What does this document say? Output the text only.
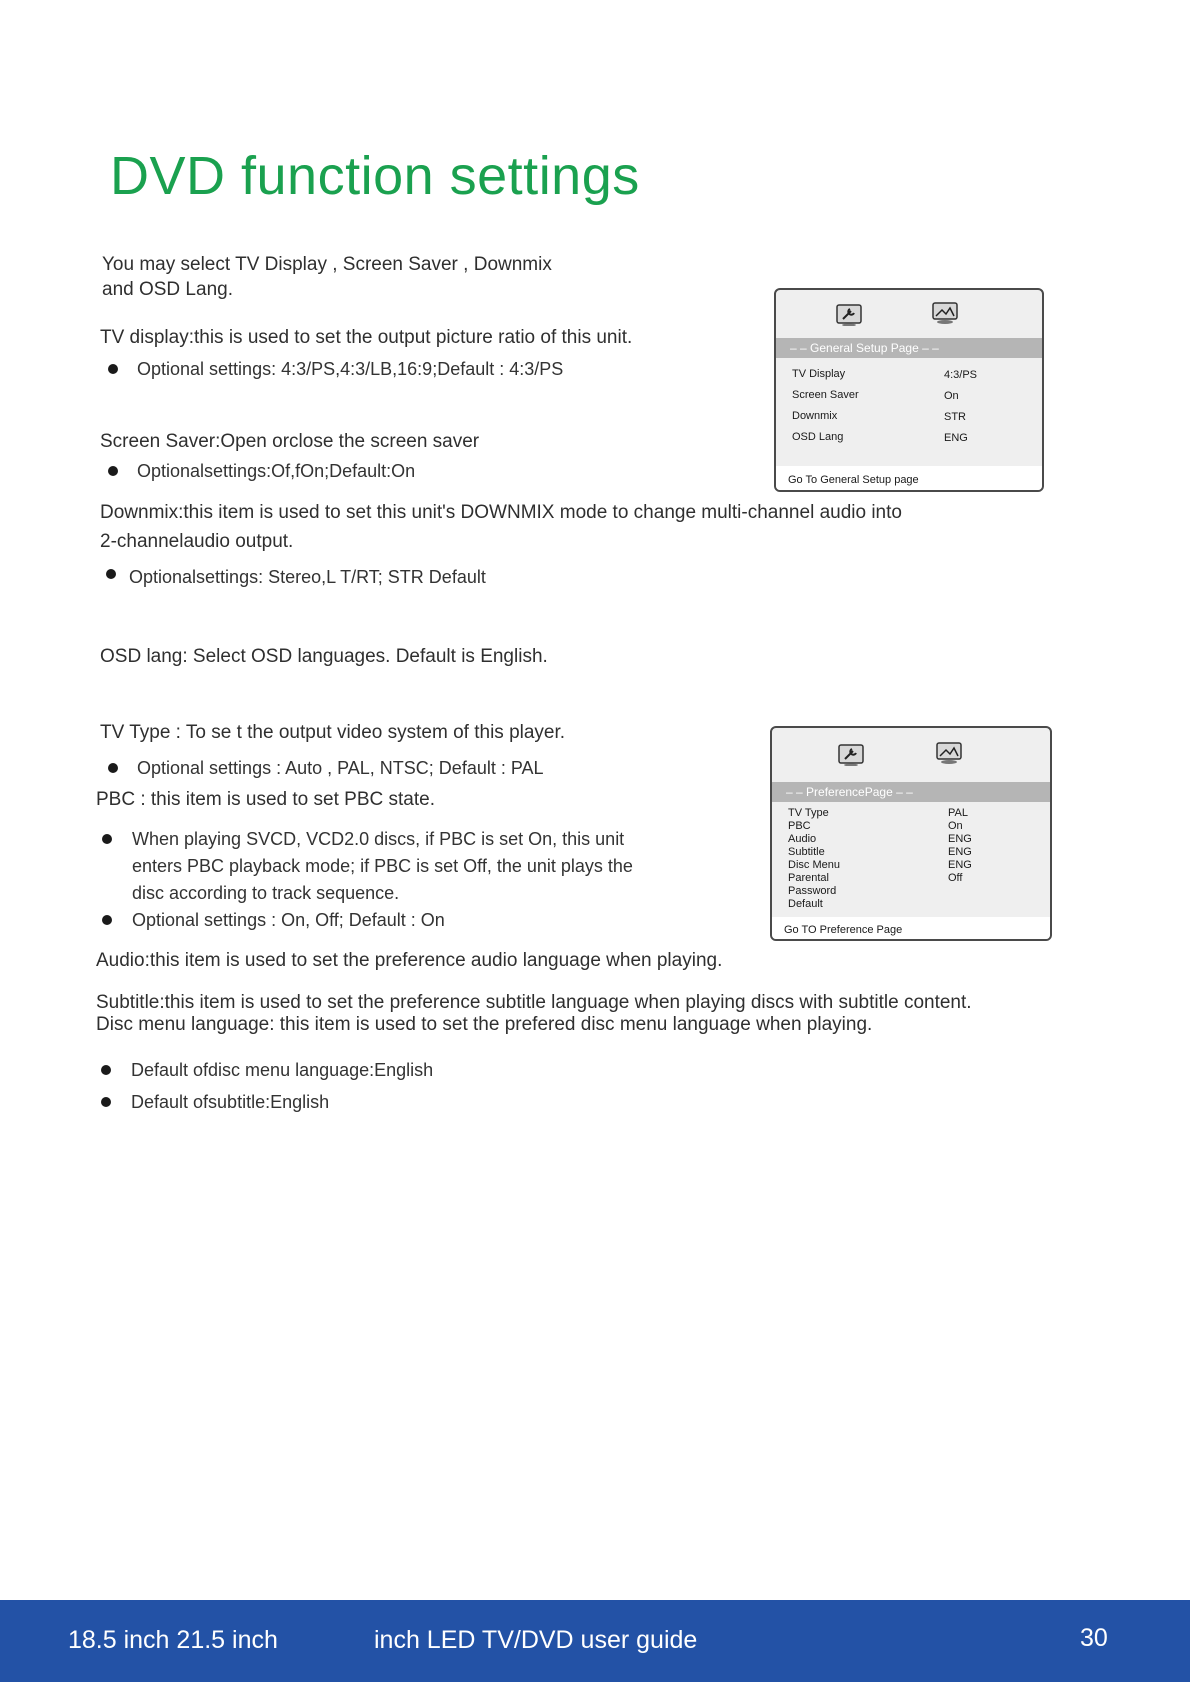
DVD function settings
You may select TV Display , Screen Saver , Downmix
and OSD Lang.
TV display:this is used to set the output picture ratio of this unit.
Optional settings: 4:3/PS,4:3/LB,16:9;Default : 4:3/PS
Screen Saver:Open orclose the screen saver
Optionalsettings:Of,fOn;Default:On
Downmix:this item is used to set this unit's DOWNMIX mode to change multi-channel audio into
2-channelaudio output.
Optionalsettings: Stereo,L T/RT; STR Default
OSD lang: Select OSD languages. Default is English.
TV Type : To se t the output video system of this player.
Optional settings : Auto , PAL, NTSC; Default : PAL
PBC : this item is used to set PBC state.
When playing SVCD, VCD2.0 discs, if PBC is set On, this unit
enters PBC playback mode; if PBC is set Off, the unit plays the
disc according to track sequence.
Optional settings : On, Off; Default : On
Audio:this item is used to set the preference audio language when playing.
Subtitle:this item is used to set the preference subtitle language when playing discs with subtitle content.
Disc menu language: this item is used to set the prefered disc menu language when playing.
Default ofdisc menu language:English
Default ofsubtitle:English
– – General Setup Page – –
TV Display	4:3/PS
Screen Saver	On
Downmix	STR
OSD Lang	ENG
Go To General Setup page
– – PreferencePage – –
TV Type	PAL
PBC	On
Audio	ENG
Subtitle	ENG
Disc Menu	ENG
Parental	Off
Password
Default
Go TO Preference Page
18.5 inch 21.5 inch	inch LED TV/DVD user guide	30
